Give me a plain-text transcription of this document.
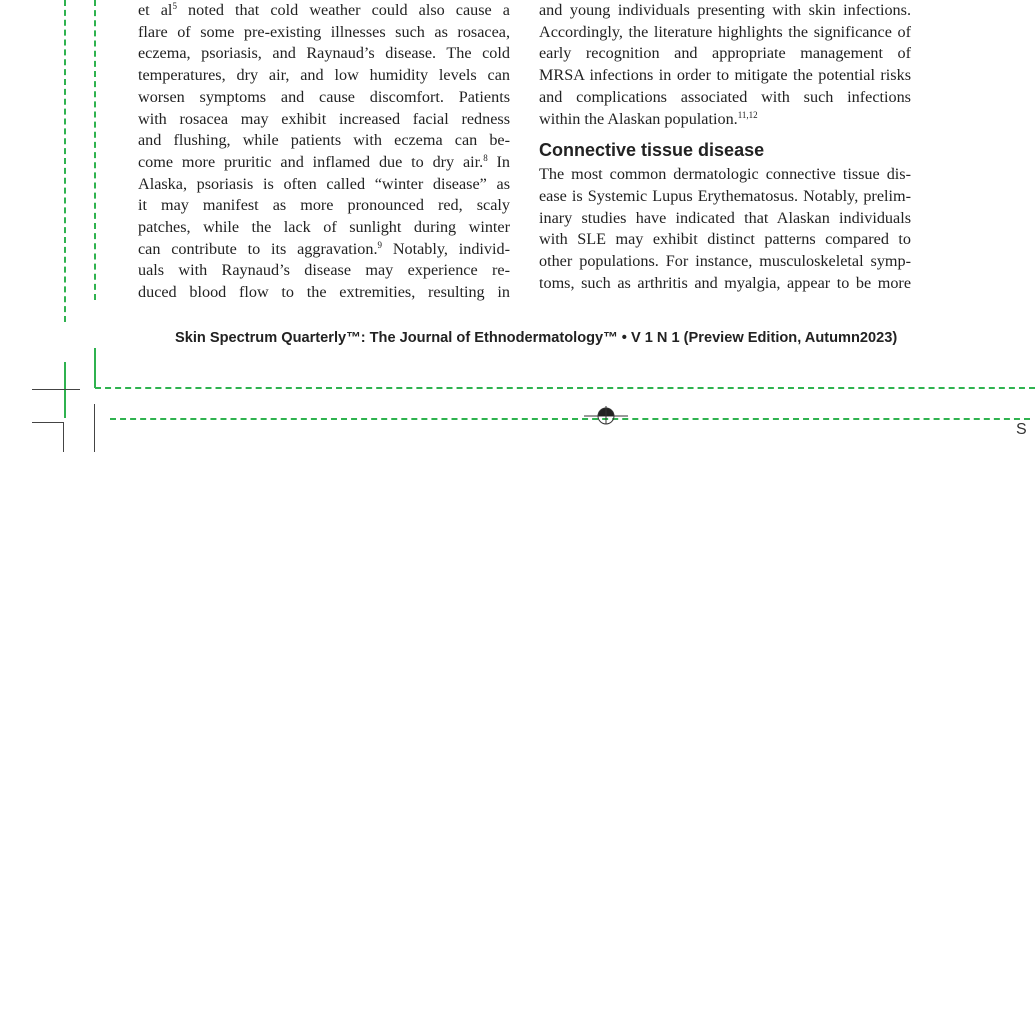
S
et $al^5$ noted that cold weather could also cause a
flare of some pre-existing illnesses such as rosacea,
eczema, psoriasis, and Raynaud’s disease. The cold
temperatures, dry air, and low humidity levels can
worsen symptoms and cause discomfort. Patients
with rosacea may exhibit increased facial redness
and flushing, while patients with eczema can be-
come more pruritic and inflamed due to dry air.$^8$ In
Alaska, psoriasis is often called “winter disease” as
it may manifest as more pronounced red, scaly
patches, while the lack of sunlight during winter
can contribute to its aggravation.$^9$ Notably, individ-
uals with Raynaud’s disease may experience re-
duced blood flow to the extremities, resulting in
and young individuals presenting with skin infections.
Accordingly, the literature highlights the significance of
early recognition and appropriate management of
MRSA infections in order to mitigate the potential risks
and complications associated with such infections
within the Alaskan population.$^{11,12}$
Connective tissue disease
The most common dermatologic connective tissue dis-
ease is Systemic Lupus Erythematosus. Notably, prelim-
inary studies have indicated that Alaskan individuals
with SLE may exhibit distinct patterns compared to
other populations. For instance, musculoskeletal symp-
toms, such as arthritis and myalgia, appear to be more
Skin Spectrum Quarterly™: The Journal of Ethnodermatology™ • V 1 N 1 (Preview Edition, Autumn2023)
